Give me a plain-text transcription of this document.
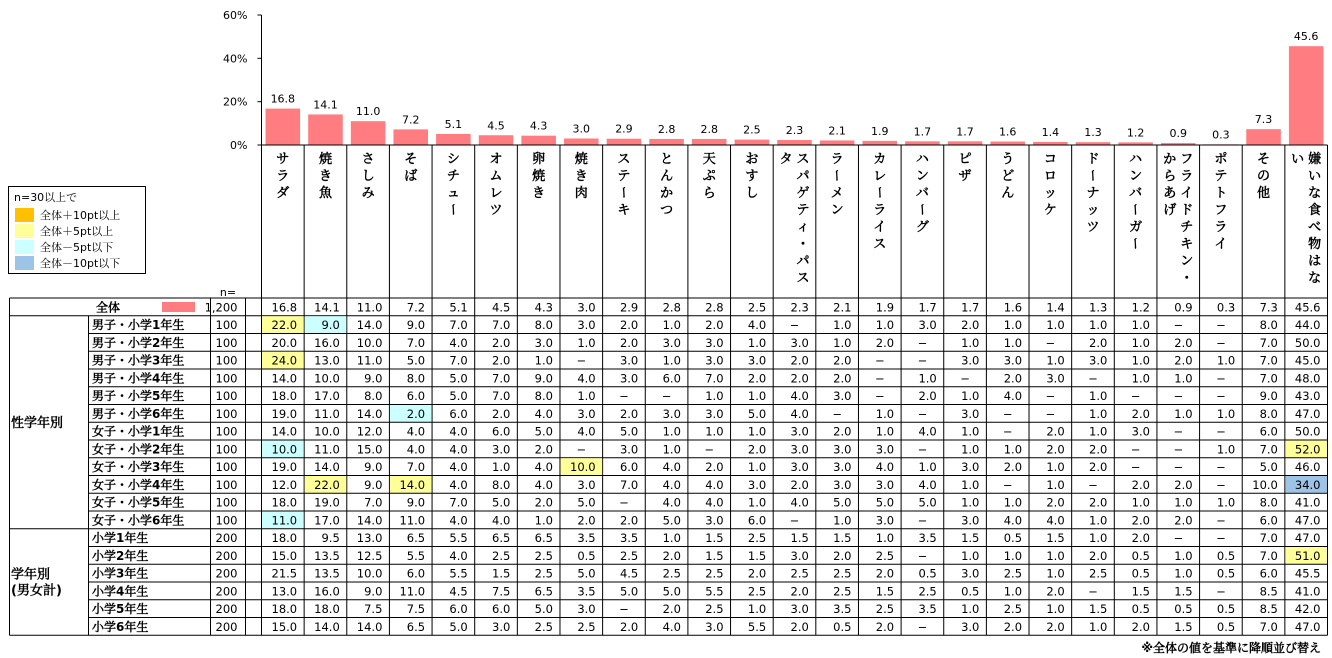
0%
20%
40%
60%
16.8 14.1
11.0
7.2 5.1 4.5 4.3 3.0 2.9 2.8 2.8 2.5 2.3 2.1 1.9 1.7 1.7 1.6 1.4 1.3 1.2 0.9 0.3
7.3
45.6
サ
ラ
ダ
焼
き
魚
さ
し
み
そ
ば
シ
チ
ュ
ー
オ
ム
レ
ツ
卵
焼
き
焼
き
肉
ス
テ
ー
キ
と
ん
か
つ
天
ぷ
ら
お
す
し
ス
パ
ゲ
テ
ィ
・
パ
ス
タ	ラ
ー
メ
ン
カ
レ
ー
ラ
イ
ス
ハ
ン
バ
ー
グ
ピ
ザ
う
ど
ん
コ
ロ
ッ
ケ
ド
ー
ナ
ッ
ツ
ハ
ン
バ
ー
ガ
ー
フ
ラ
イ
ド
チ
キ
ン
・
か
ら
あ
げ
ポ
テ
ト
フ
ラ
イ
そ
の
他
嫌
い
な
食
べ
物
は
な
い
n=30以上で
全体＋10pt以上
全体＋5pt以上
全体－5pt以下
全体－10pt以下
n=
全体	1,200	16.8 14.1 11.0 7.2 5.1 4.5 4.3 3.0 2.9 2.8 2.8 2.5 2.3 2.1 1.9 1.7 1.7 1.6 1.4 1.3 1.2 0.9 0.3 7.3 45.6
男子・小学1年生	100	22.0 9.0 14.0 9.0 7.0 7.0 8.0 3.0 2.0 1.0 2.0 4.0 −	1.0 1.0 3.0 2.0 1.0 1.0 1.0 1.0 −	−	8.0 44.0
男子・小学2年生	100	20.0 16.0 10.0 7.0 4.0 2.0 3.0 1.0 2.0 3.0 3.0 1.0 3.0 1.0 2.0 −	1.0 1.0 −	2.0 1.0 2.0 −	7.0 50.0
男子・小学3年生	100	24.0 13.0 11.0 5.0 7.0 2.0 1.0 −	3.0 1.0 3.0 3.0 2.0 2.0 −	−	3.0 3.0 1.0 3.0 1.0 2.0 1.0 7.0 45.0
男子・小学4年生	100	14.0 10.0 9.0 8.0 5.0 7.0 9.0 4.0 3.0 6.0 7.0 2.0 2.0 2.0 −	1.0 −	2.0 3.0 −	1.0 1.0 −	7.0 48.0
男子・小学5年生	100	18.0 17.0 8.0 6.0 5.0 7.0 8.0 1.0 −	−	1.0 1.0 4.0 3.0 −	2.0 1.0 4.0 −	1.0 −	−	−	9.0 43.0
男子・小学6年生	100	19.0 11.0 14.0 2.0 6.0 2.0 4.0 3.0 2.0 3.0 3.0 5.0 4.0 −	1.0 −	3.0 −	−	1.0 2.0 1.0 1.0 8.0 47.0
女子・小学1年生	100	14.0 10.0 12.0 4.0 4.0 6.0 5.0 4.0 5.0 1.0 1.0 1.0 3.0 2.0 1.0 4.0 1.0 −	2.0 1.0 3.0 −	−	6.0 50.0
女子・小学2年生	100	10.0 11.0 15.0 4.0 4.0 3.0 2.0 −	3.0 1.0 −	2.0 3.0 3.0 3.0 −	1.0 1.0 2.0 2.0 −	−	1.0 7.0 52.0
女子・小学3年生	100	19.0 14.0 9.0 7.0 4.0 1.0 4.0 10.0 6.0 4.0 2.0 1.0 3.0 3.0 4.0 1.0 3.0 2.0 1.0 2.0 −	−	−	5.0 46.0
女子・小学4年生	100	12.0 22.0 9.0 14.0 4.0 8.0 4.0 3.0 7.0 4.0 4.0 3.0 2.0 3.0 3.0 4.0 1.0 −	1.0 −	2.0 2.0 − 10.0 34.0
女子・小学5年生	100	18.0 19.0 7.0 9.0 7.0 5.0 2.0 5.0 −	4.0 4.0 1.0 4.0 5.0 5.0 5.0 1.0 1.0 2.0 2.0 1.0 1.0 1.0 8.0 41.0
女子・小学6年生	100	11.0 17.0 14.0 11.0 4.0 4.0 1.0 2.0 2.0 5.0 3.0 6.0 −	1.0 3.0 −	3.0 4.0 4.0 1.0 2.0 2.0 −	6.0 47.0
性学年別
小学1年生	200	18.0 9.5 13.0 6.5 5.5 6.5 6.5 3.5 3.5 1.0 1.5 2.5 1.5 1.5 1.0 3.5 1.5 0.5 1.5 1.0 2.0 −	−	7.0 47.0
小学2年生	200	15.0 13.5 12.5 5.5 4.0 2.5 2.5 0.5 2.5 2.0 1.5 1.5 3.0 2.0 2.5 −	1.0 1.0 1.0 2.0 0.5 1.0 0.5 7.0 51.0
小学3年生	200	21.5 13.5 10.0 6.0 5.5 1.5 2.5 5.0 4.5 2.5 2.5 2.0 2.5 2.5 2.0 0.5 3.0 2.5 1.0 2.5 0.5 1.0 0.5 6.0 45.5
小学4年生	200	13.0 16.0 9.0 11.0 4.5 7.5 6.5 3.5 5.0 5.0 5.5 2.5 2.0 2.5 1.5 2.5 0.5 1.0 2.0 −	1.5 1.5 −	8.5 41.0
小学5年生	200	18.0 18.0 7.5 7.5 6.0 6.0 5.0 3.0 −	2.0 2.5 1.0 3.0 3.5 2.5 3.5 1.0 2.5 1.0 1.5 0.5 0.5 0.5 8.5 42.0
小学6年生	200	15.0 14.0 14.0 6.5 5.0 3.0 2.5 2.5 2.0 4.0 3.0 5.5 2.0 0.5 2.0 −	3.0 2.0 2.0 1.0 2.0 1.5 0.5 7.0 47.0
学年別
(男女計)
※全体の値を基準に降順並び替え
